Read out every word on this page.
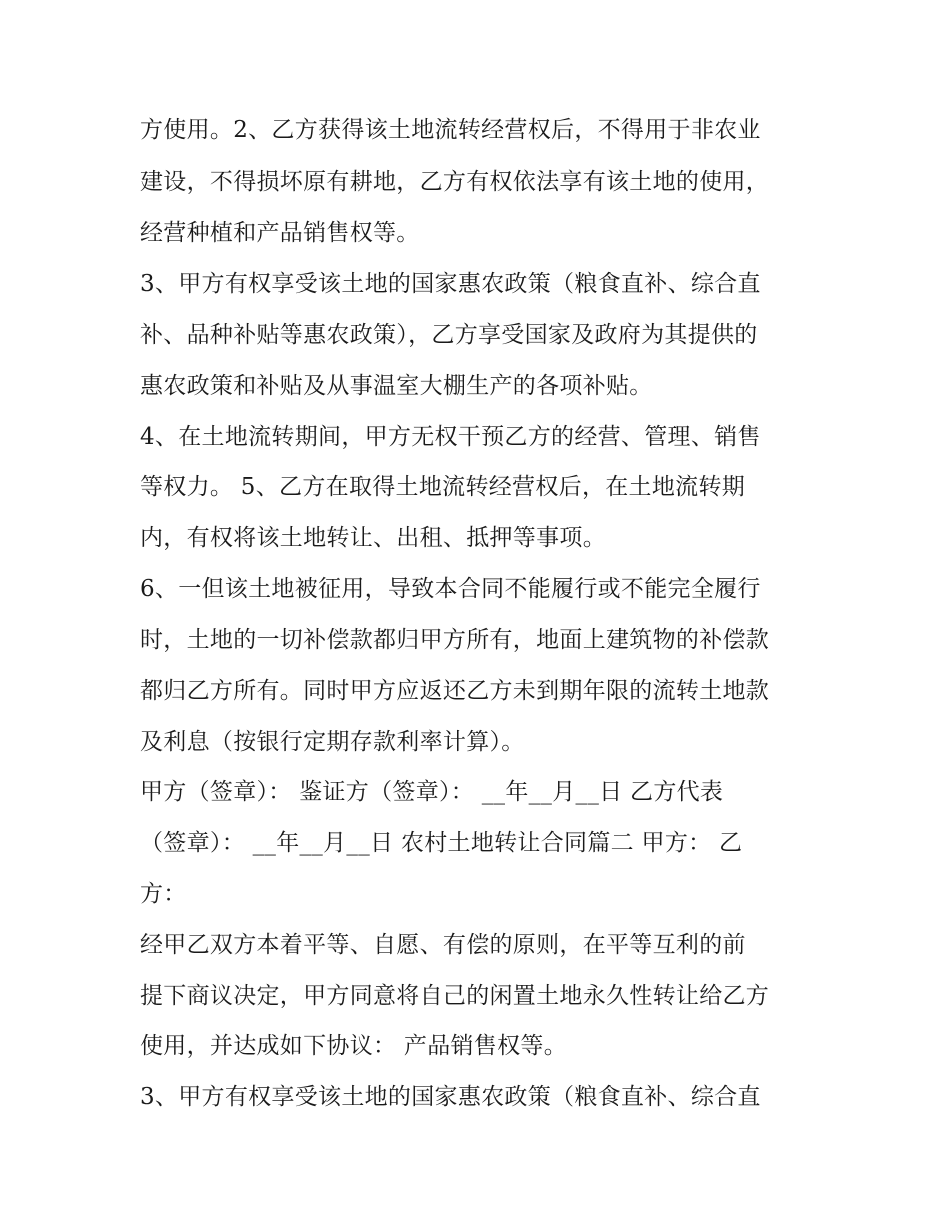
方使用。2、乙方获得该土地流转经营权后，不得用于非农业
建设，不得损坏原有耕地，乙方有权依法享有该土地的使用，
经营种植和产品销售权等。
3、甲方有权享受该土地的国家惠农政策（粮食直补、综合直
补、品种补贴等惠农政策），乙方享受国家及政府为其提供的
惠农政策和补贴及从事温室大棚生产的各项补贴。
4、在土地流转期间，甲方无权干预乙方的经营、管理、销售
等权力。 5、乙方在取得土地流转经营权后，在土地流转期
内，有权将该土地转让、出租、抵押等事项。
6、一但该土地被征用，导致本合同不能履行或不能完全履行
时，土地的一切补偿款都归甲方所有，地面上建筑物的补偿款
都归乙方所有。同时甲方应返还乙方未到期年限的流转土地款
及利息（按银行定期存款利率计算）。
甲方（签章）： 鉴证方（签章）： __年__月__日 乙方代表
（签章）： __年__月__日 农村土地转让合同篇二 甲方： 乙
方：
经甲乙双方本着平等、自愿、有偿的原则，在平等互利的前
提下商议决定，甲方同意将自己的闲置土地永久性转让给乙方
使用，并达成如下协议： 产品销售权等。
3、甲方有权享受该土地的国家惠农政策（粮食直补、综合直
